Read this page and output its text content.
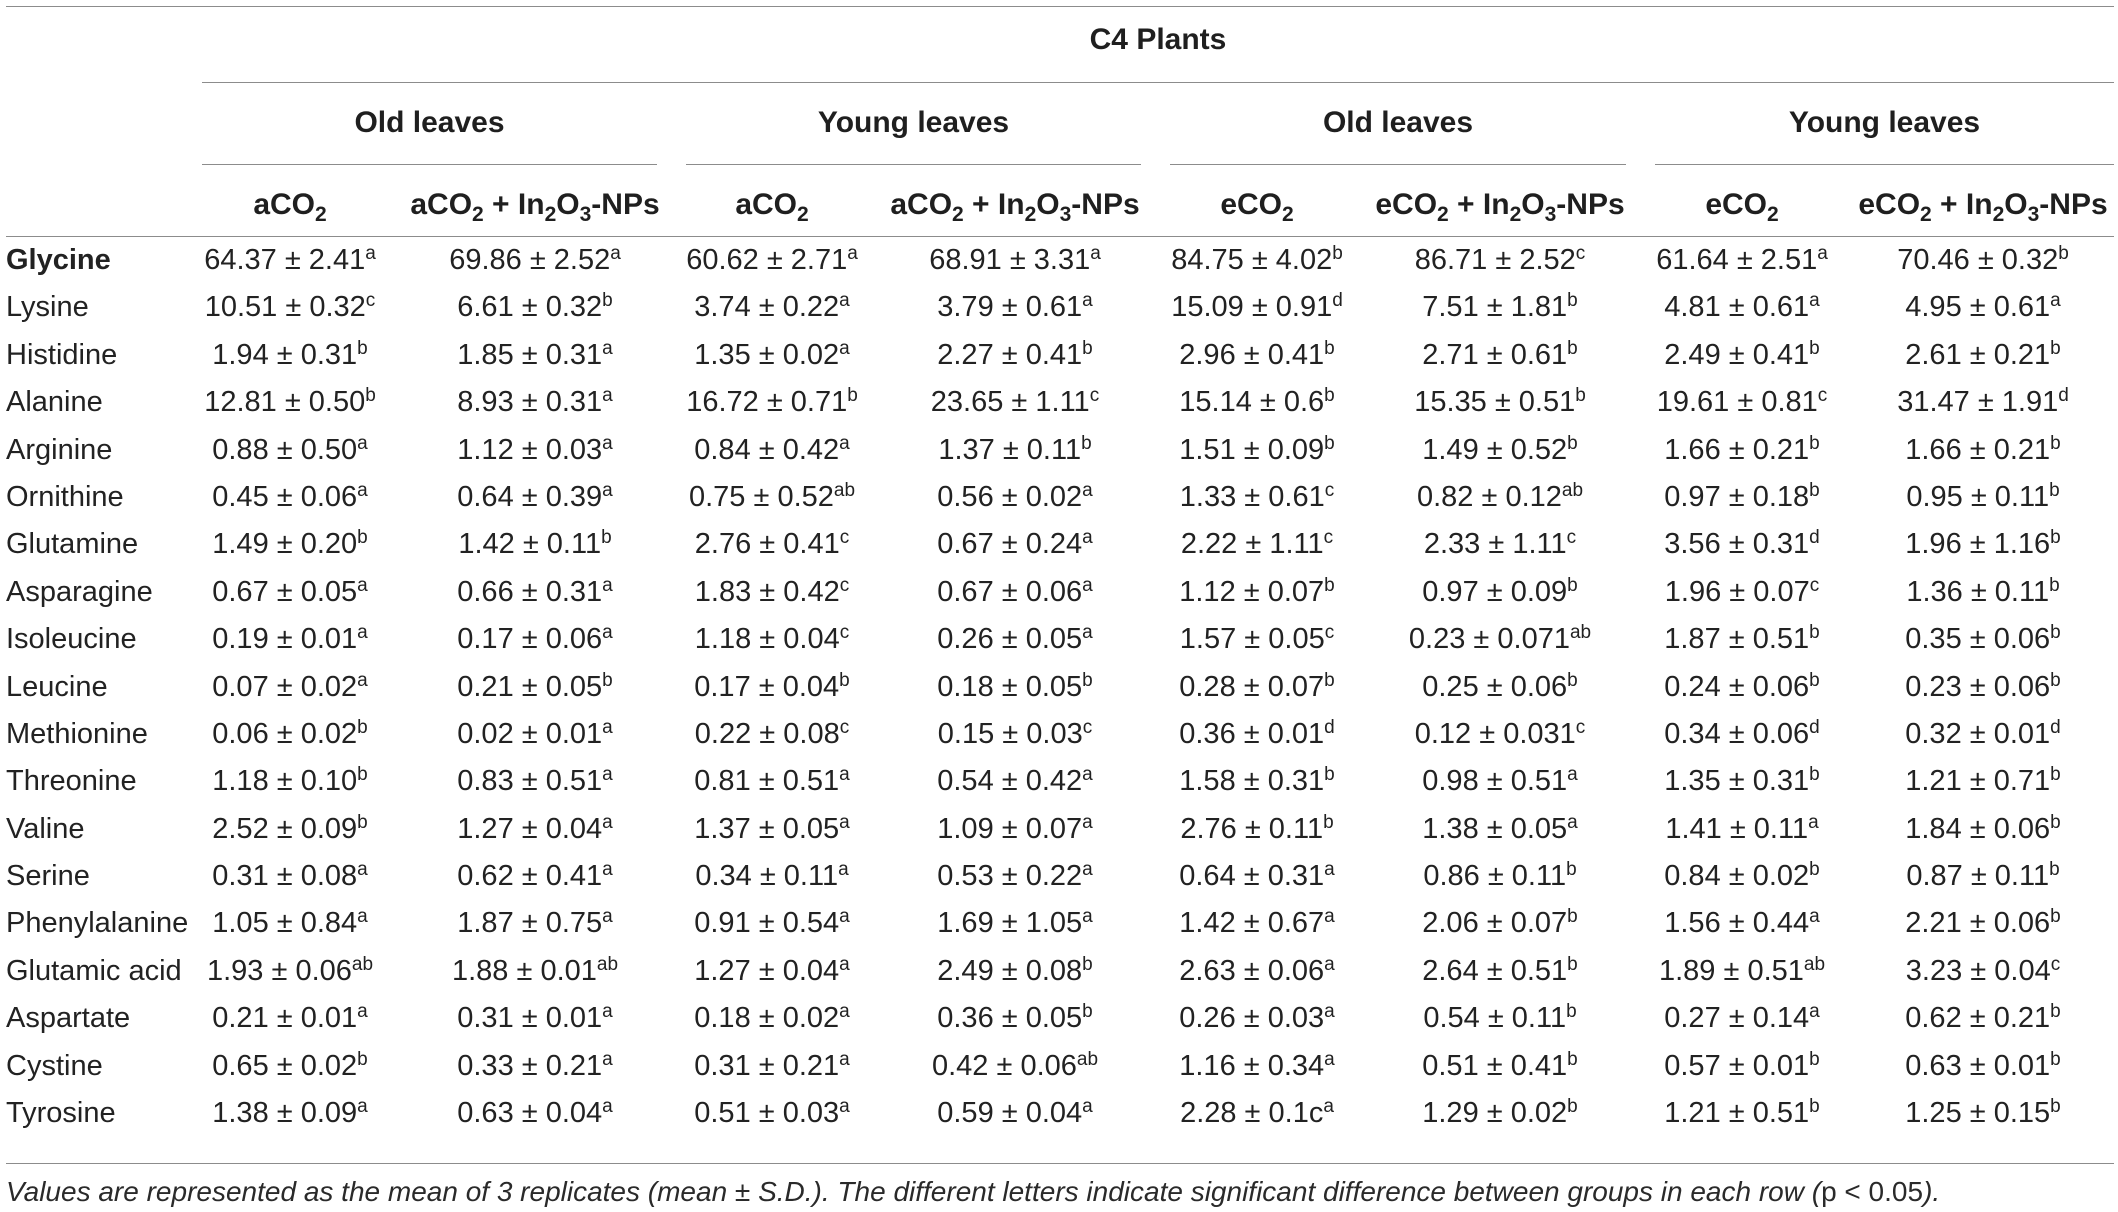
C4 Plants
Old leaves	Young leaves	Old leaves	Young leaves
aCO$_2$	$aCO_2 + In_2O_3$-NPs	aCO$_2$	$aCO_2 + In_2O_3$-NPs	eCO$_2$	$eCO_2 + In_2O_3$-NPs	eCO$_2$	$eCO_2 + In_2O_3$-NPs
Glycine	64.37 ± 2.41$^a$	69.86 ± 2.52$^a$	60.62 ± 2.71$^a$	68.91 ± 3.31$^a$	84.75 ± 4.02$^b$	86.71 ± 2.52$^c$	61.64 ± 2.51$^a$	70.46 ± 0.32$^b$
Lysine	10.51 ± 0.32$^c$	6.61 ± 0.32$^b$	3.74 ± 0.22$^a$	3.79 ± 0.61$^a$	15.09 ± 0.91$^d$	7.51 ± 1.81$^b$	4.81 ± 0.61$^a$	4.95 ± 0.61$^a$
Histidine	1.94 ± 0.31$^b$	1.85 ± 0.31$^a$	1.35 ± 0.02$^a$	2.27 ± 0.41$^b$	2.96 ± 0.41$^b$	2.71 ± 0.61$^b$	2.49 ± 0.41$^b$	2.61 ± 0.21$^b$
Alanine	12.81 ± 0.50$^b$	8.93 ± 0.31$^a$	16.72 ± 0.71$^b$	23.65 ± 1.11$^c$	15.14 ± 0.6$^b$	15.35 ± 0.51$^b$	19.61 ± 0.81$^c$	31.47 ± 1.91$^d$
Arginine	0.88 ± 0.50$^a$	1.12 ± 0.03$^a$	0.84 ± 0.42$^a$	1.37 ± 0.11$^b$	1.51 ± 0.09$^b$	1.49 ± 0.52$^b$	1.66 ± 0.21$^b$	1.66 ± 0.21$^b$
Ornithine	0.45 ± 0.06$^a$	0.64 ± 0.39$^a$	0.75 ± 0.52$^{ab}$	0.56 ± 0.02$^a$	1.33 ± 0.61$^c$	0.82 ± 0.12$^{ab}$	0.97 ± 0.18$^b$	0.95 ± 0.11$^b$
Glutamine	1.49 ± 0.20$^b$	1.42 ± 0.11$^b$	2.76 ± 0.41$^c$	0.67 ± 0.24$^a$	2.22 ± 1.11$^c$	2.33 ± 1.11$^c$	3.56 ± 0.31$^d$	1.96 ± 1.16$^b$
Asparagine	0.67 ± 0.05$^a$	0.66 ± 0.31$^a$	1.83 ± 0.42$^c$	0.67 ± 0.06$^a$	1.12 ± 0.07$^b$	0.97 ± 0.09$^b$	1.96 ± 0.07$^c$	1.36 ± 0.11$^b$
Isoleucine	0.19 ± 0.01$^a$	0.17 ± 0.06$^a$	1.18 ± 0.04$^c$	0.26 ± 0.05$^a$	1.57 ± 0.05$^c$	0.23 ± 0.071$^{ab}$	1.87 ± 0.51$^b$	0.35 ± 0.06$^b$
Leucine	0.07 ± 0.02$^a$	0.21 ± 0.05$^b$	0.17 ± 0.04$^b$	0.18 ± 0.05$^b$	0.28 ± 0.07$^b$	0.25 ± 0.06$^b$	0.24 ± 0.06$^b$	0.23 ± 0.06$^b$
Methionine	0.06 ± 0.02$^b$	0.02 ± 0.01$^a$	0.22 ± 0.08$^c$	0.15 ± 0.03$^c$	0.36 ± 0.01$^d$	0.12 ± 0.031$^c$	0.34 ± 0.06$^d$	0.32 ± 0.01$^d$
Threonine	1.18 ± 0.10$^b$	0.83 ± 0.51$^a$	0.81 ± 0.51$^a$	0.54 ± 0.42$^a$	1.58 ± 0.31$^b$	0.98 ± 0.51$^a$	1.35 ± 0.31$^b$	1.21 ± 0.71$^b$
Valine	2.52 ± 0.09$^b$	1.27 ± 0.04$^a$	1.37 ± 0.05$^a$	1.09 ± 0.07$^a$	2.76 ± 0.11$^b$	1.38 ± 0.05$^a$	1.41 ± 0.11$^a$	1.84 ± 0.06$^b$
Serine	0.31 ± 0.08$^a$	0.62 ± 0.41$^a$	0.34 ± 0.11$^a$	0.53 ± 0.22$^a$	0.64 ± 0.31$^a$	0.86 ± 0.11$^b$	0.84 ± 0.02$^b$	0.87 ± 0.11$^b$
Phenylalanine 1.05 ± 0.84$^a$	1.87 ± 0.75$^a$	0.91 ± 0.54$^a$	1.69 ± 1.05$^a$	1.42 ± 0.67$^a$	2.06 ± 0.07$^b$	1.56 ± 0.44$^a$	2.21 ± 0.06$^b$
Glutamic acid 1.93 ± 0.06$^{ab}$	1.88 ± 0.01$^{ab}$	1.27 ± 0.04$^a$	2.49 ± 0.08$^b$	2.63 ± 0.06$^a$	2.64 ± 0.51$^b$	1.89 ± 0.51$^{ab}$	3.23 ± 0.04$^c$
Aspartate	0.21 ± 0.01$^a$	0.31 ± 0.01$^a$	0.18 ± 0.02$^a$	0.36 ± 0.05$^b$	0.26 ± 0.03$^a$	0.54 ± 0.11$^b$	0.27 ± 0.14$^a$	0.62 ± 0.21$^b$
Cystine	0.65 ± 0.02$^b$	0.33 ± 0.21$^a$	0.31 ± 0.21$^a$	0.42 ± 0.06$^{ab}$	1.16 ± 0.34$^a$	0.51 ± 0.41$^b$	0.57 ± 0.01$^b$	0.63 ± 0.01$^b$
Tyrosine	1.38 ± 0.09$^a$	0.63 ± 0.04$^a$	0.51 ± 0.03$^a$	0.59 ± 0.04$^a$	$2.28 \pm 0.1c^a$	1.29 ± 0.02$^b$	1.21 ± 0.51$^b$	1.25 ± 0.15$^b$
Values are represented as the mean of 3 replicates (mean ± S.D.). The different letters indicate significant difference between groups in each row (p < 0.05).
